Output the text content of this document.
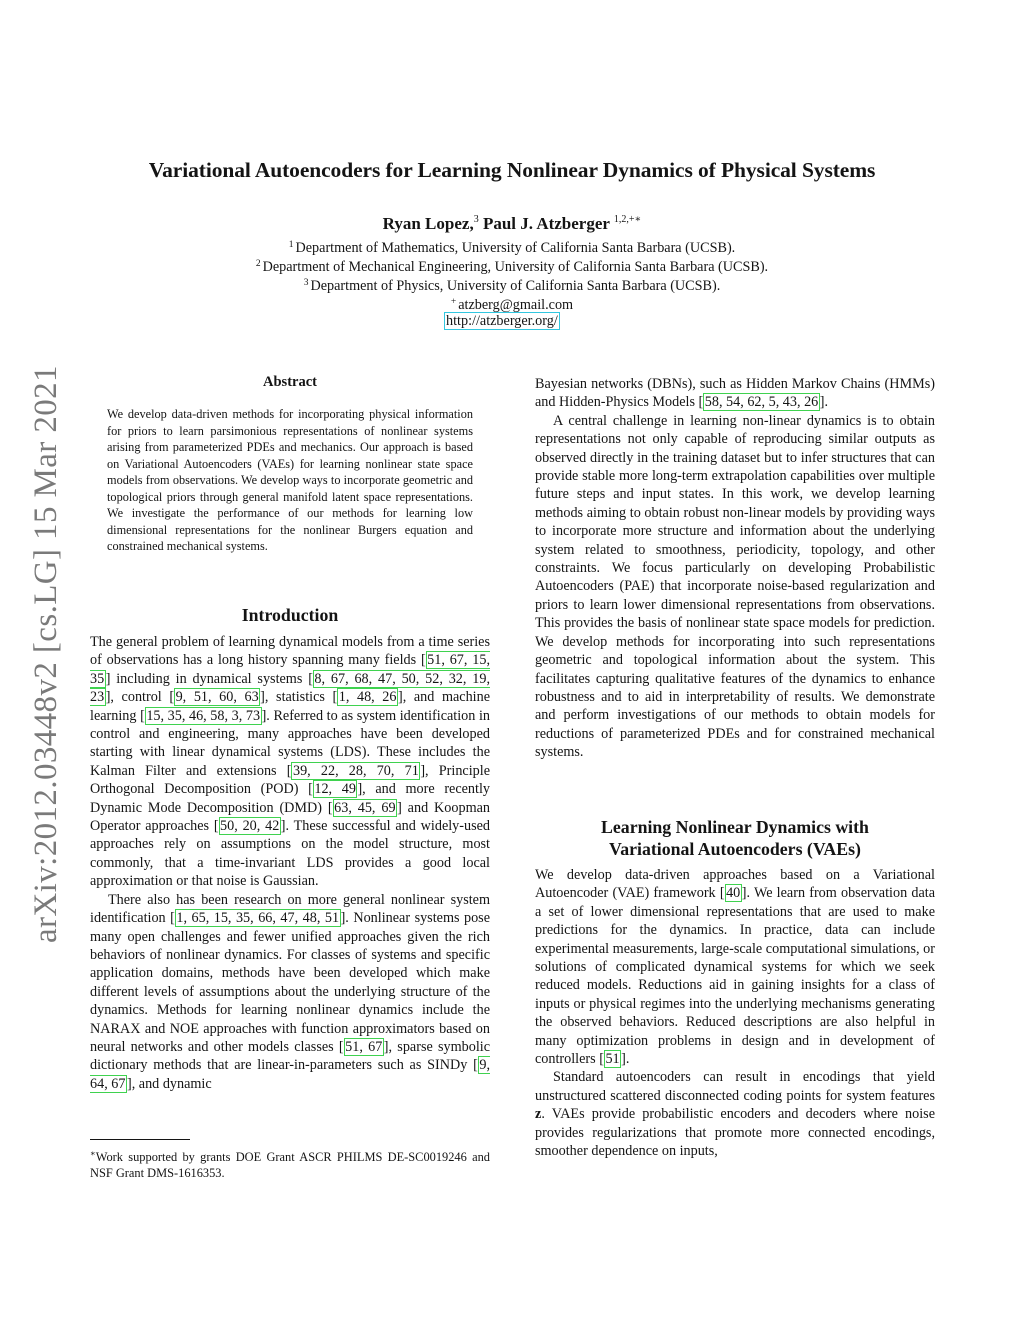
arXiv:2012.03448v2 [cs.LG] 15 Mar 2021
Variational Autoencoders for Learning Nonlinear Dynamics of Physical Systems
Ryan Lopez,$^3$ Paul J. Atzberger $^{1,2,+∗}$
$^1$ Department of Mathematics, University of California Santa Barbara (UCSB).
$^2$ Department of Mechanical Engineering, University of California Santa Barbara (UCSB).
$^3$ Department of Physics, University of California Santa Barbara (UCSB).
+ atzberg@gmail.com
http://atzberger.org/
Abstract

We develop data-driven methods for incorporating physical information for priors to learn parsimonious representations of nonlinear systems arising from parameterized PDEs and mechanics. Our approach is based on Variational Autoencoders (VAEs) for learning nonlinear state space models from observations. We develop ways to incorporate geometric and topological priors through general manifold latent space representations. We investigate the performance of our methods for learning low dimensional representations for the nonlinear Burgers equation and constrained mechanical systems.

Introduction

The general problem of learning dynamical models from a time series of observations has a long history spanning many fields [ 51, 67, 15, 35 ] including in dynamical systems [ 8, 67, 68, 47, 50, 52, 32, 19, 23 ], control [ 9, 51, 60, 63 ], statistics [ 1, 48, 26 ], and machine learning [ 15, 35, 46, 58, 3, 73 ]. Referred to as system identification in control and engineering, many approaches have been developed starting with linear dynamical systems (LDS). These includes the Kalman Filter and extensions [ 39, 22, 28, 70, 71 ], Principle Orthogonal Decomposition (POD) [ 12, 49 ], and more recently Dynamic Mode Decomposition (DMD) [ 63, 45, 69 ] and Koopman Operator approaches [ 50, 20, 42 ]. These successful and widely-used approaches rely on assumptions on the model structure, most commonly, that a time-invariant LDS provides a good local approximation or that noise is Gaussian.

There also has been research on more general nonlinear system identification [ 1, 65, 15, 35, 66, 47, 48, 51 ]. Nonlinear systems pose many open challenges and fewer unified approaches given the rich behaviors of nonlinear dynamics. For classes of systems and specific application domains, methods have been developed which make different levels of assumptions about the underlying structure of the dynamics. Methods for learning nonlinear dynamics include the NARAX and NOE approaches with function approximators based on neural networks and other models classes [ 51, 67 ], sparse symbolic dictionary methods that are linear-in-parameters such as SINDy [ 9, 64, 67 ], and dynamic

∗Work supported by grants DOE Grant ASCR PHILMS DE-SC0019246 and NSF Grant DMS-1616353.

Bayesian networks (DBNs), such as Hidden Markov Chains (HMMs) and Hidden-Physics Models [ 58, 54, 62, 5, 43, 26 ].

A central challenge in learning non-linear dynamics is to obtain representations not only capable of reproducing similar outputs as observed directly in the training dataset but to infer structures that can provide stable more long-term extrapolation capabilities over multiple future steps and input states. In this work, we develop learning methods aiming to obtain robust non-linear models by providing ways to incorporate more structure and information about the underlying system related to smoothness, periodicity, topology, and other constraints. We focus particularly on developing Probabilistic Autoencoders (PAE) that incorporate noise-based regularization and priors to learn lower dimensional representations from observations. This provides the basis of nonlinear state space models for prediction. We develop methods for incorporating into such representations geometric and topological information about the system. This facilitates capturing qualitative features of the dynamics to enhance robustness and to aid in interpretability of results. We demonstrate and perform investigations of our methods to obtain models for reductions of parameterized PDEs and for constrained mechanical systems.

Learning Nonlinear Dynamics with
Variational Autoencoders (VAEs)

We develop data-driven approaches based on a Variational Autoencoder (VAE) framework [ 40 ]. We learn from observation data a set of lower dimensional representations that are used to make predictions for the dynamics. In practice, data can include experimental measurements, large-scale computational simulations, or solutions of complicated dynamical systems for which we seek reduced models. Reductions aid in gaining insights for a class of inputs or physical regimes into the underlying mechanisms generating the observed behaviors. Reduced descriptions are also helpful in many optimization problems in design and in development of controllers [ 51 ].

Standard autoencoders can result in encodings that yield unstructured scattered disconnected coding points for system features z. VAEs provide probabilistic encoders and decoders where noise provides regularizations that promote more connected encodings, smoother dependence on inputs,
